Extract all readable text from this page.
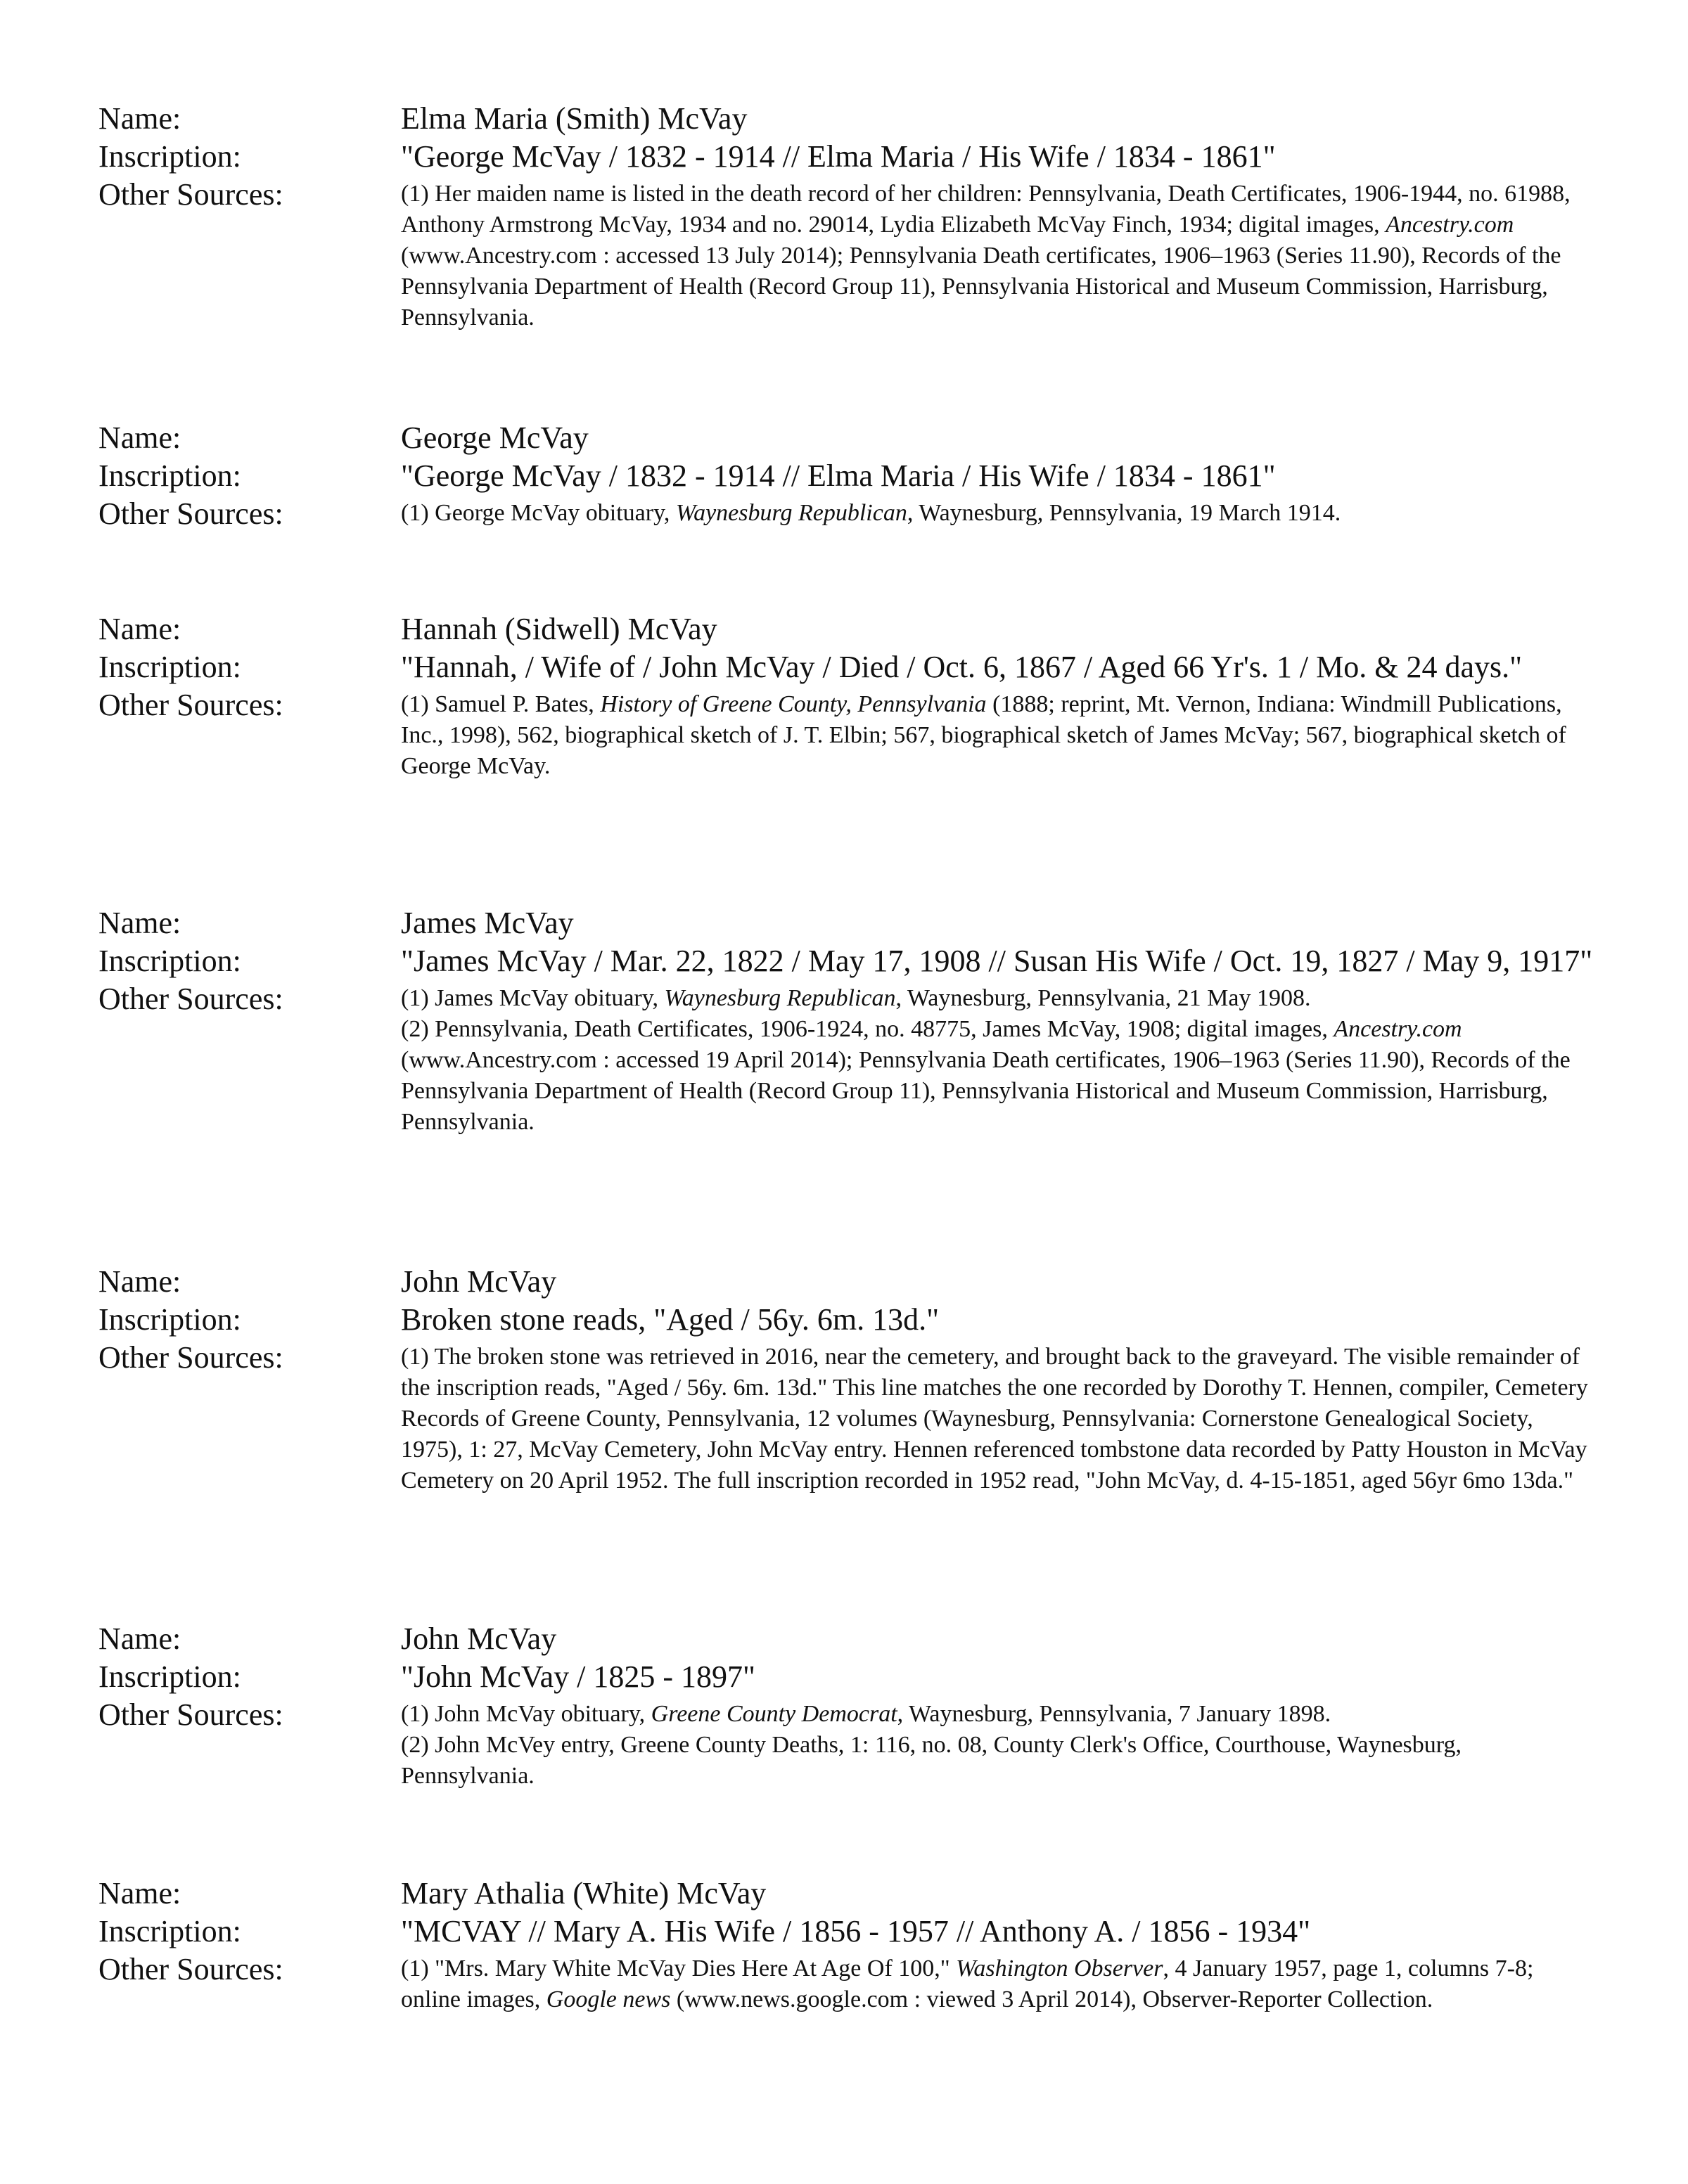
Name:	Elma Maria (Smith) McVay
Inscription:	"George McVay / 1832 - 1914 // Elma Maria / His Wife / 1834 - 1861"
Other Sources:	(1) Her maiden name is listed in the death record of her children: Pennsylvania, Death Certificates, 1906-1944, no. 61988, Anthony Armstrong McVay, 1934 and no. 29014, Lydia Elizabeth McVay Finch, 1934; digital images, Ancestry.com (www.Ancestry.com : accessed 13 July 2014); Pennsylvania Death certificates, 1906–1963 (Series 11.90), Records of the Pennsylvania Department of Health (Record Group 11), Pennsylvania Historical and Museum Commission, Harrisburg, Pennsylvania.
Name:	George McVay
Inscription:	"George McVay / 1832 - 1914 // Elma Maria / His Wife / 1834 - 1861"
Other Sources:	(1) George McVay obituary, Waynesburg Republican, Waynesburg, Pennsylvania, 19 March 1914.
Name:	Hannah (Sidwell) McVay
Inscription:	"Hannah, / Wife of / John McVay / Died / Oct. 6, 1867 / Aged 66 Yr's. 1 / Mo. & 24 days."
Other Sources:	(1) Samuel P. Bates, History of Greene County, Pennsylvania (1888; reprint, Mt. Vernon, Indiana: Windmill Publications, Inc., 1998), 562, biographical sketch of J. T. Elbin; 567, biographical sketch of James McVay; 567, biographical sketch of George McVay.
Name:	James McVay
Inscription:	"James McVay / Mar. 22, 1822 / May 17, 1908 // Susan His Wife / Oct. 19, 1827 / May 9, 1917"
Other Sources:	(1) James McVay obituary, Waynesburg Republican, Waynesburg, Pennsylvania, 21 May 1908.
(2) Pennsylvania, Death Certificates, 1906-1924, no. 48775, James McVay, 1908; digital images, Ancestry.com (www.Ancestry.com : accessed 19 April 2014); Pennsylvania Death certificates, 1906–1963 (Series 11.90), Records of the Pennsylvania Department of Health (Record Group 11), Pennsylvania Historical and Museum Commission, Harrisburg, Pennsylvania.
Name:	John McVay
Inscription:	Broken stone reads, "Aged / 56y. 6m. 13d."
Other Sources:	(1) The broken stone was retrieved in 2016, near the cemetery, and brought back to the graveyard. The visible remainder of the inscription reads, "Aged / 56y. 6m. 13d." This line matches the one recorded by Dorothy T. Hennen, compiler, Cemetery Records of Greene County, Pennsylvania, 12 volumes (Waynesburg, Pennsylvania: Cornerstone Genealogical Society, 1975), 1: 27, McVay Cemetery, John McVay entry. Hennen referenced tombstone data recorded by Patty Houston in McVay Cemetery on 20 April 1952. The full inscription recorded in 1952 read, "John McVay, d. 4-15-1851, aged 56yr 6mo 13da."
Name:	John McVay
Inscription:	"John McVay / 1825 - 1897"
Other Sources:	(1) John McVay obituary, Greene County Democrat, Waynesburg, Pennsylvania, 7 January 1898.
(2) John McVey entry, Greene County Deaths, 1: 116, no. 08, County Clerk's Office, Courthouse, Waynesburg, Pennsylvania.
Name:	Mary Athalia (White) McVay
Inscription:	"MCVAY // Mary A. His Wife / 1856 - 1957 // Anthony A. / 1856 - 1934"
Other Sources:	(1) "Mrs. Mary White McVay Dies Here At Age Of 100," Washington Observer, 4 January 1957, page 1, columns 7-8; online images, Google news (www.news.google.com : viewed 3 April 2014), Observer-Reporter Collection.
